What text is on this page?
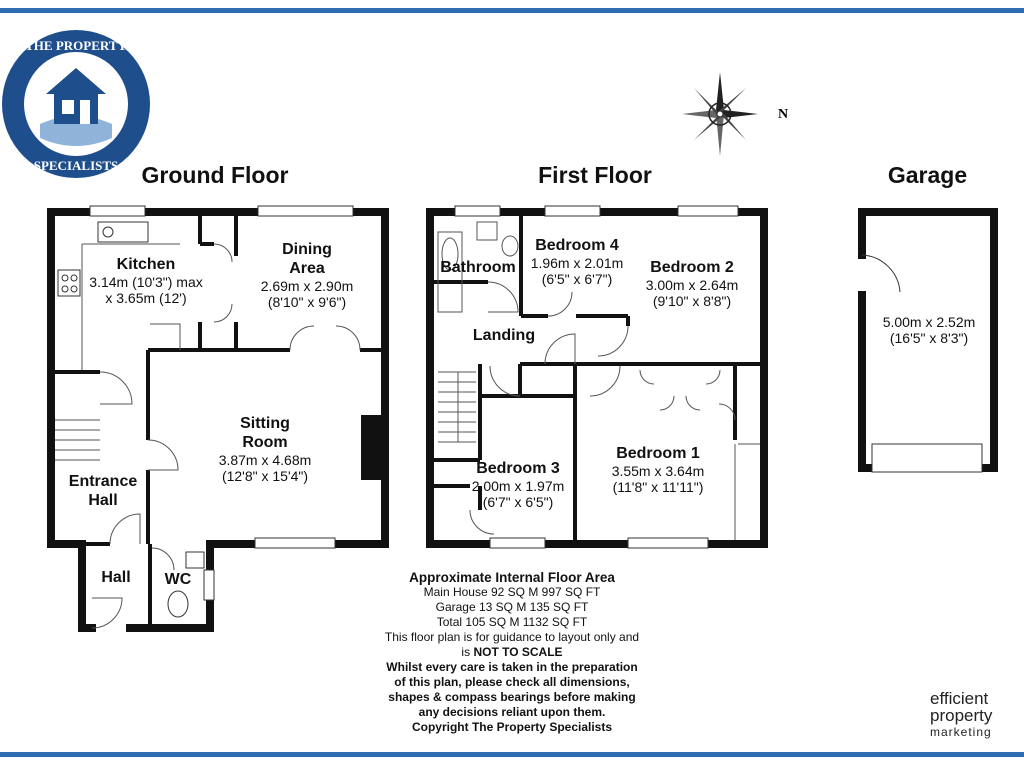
THE PROPERTY
SPECIALISTS
N
Ground Floor	First Floor	Garage
Kitchen
3.14m (10'3") max
x 3.65m (12')
Dining
Area
2.69m x 2.90m
(8'10" x 9'6")
Sitting
Room
3.87m x 4.68m
(12'8" x 15'4")
Entrance
Hall
Hall	WC
Bathroom
Bedroom 4
1.96m x 2.01m
(6'5" x 6'7")
Bedroom 2
3.00m x 2.64m
(9'10" x 8'8")
Landing
Bedroom 3
2.00m x 1.97m
(6'7" x 6'5")
Bedroom 1
3.55m x 3.64m
(11'8" x 11'11")
5.00m x 2.52m
(16'5" x 8'3")
Approximate Internal Floor Area
Main House 92 SQ M 997 SQ FT
Garage 13 SQ M 135 SQ FT
Total 105 SQ M 1132 SQ FT
This floor plan is for guidance to layout only and
is NOT TO SCALE
Whilst every care is taken in the preparation
of this plan, please check all dimensions,
shapes & compass bearings before making
any decisions reliant upon them.
Copyright The Property Specialists
efficient
property
marketing
